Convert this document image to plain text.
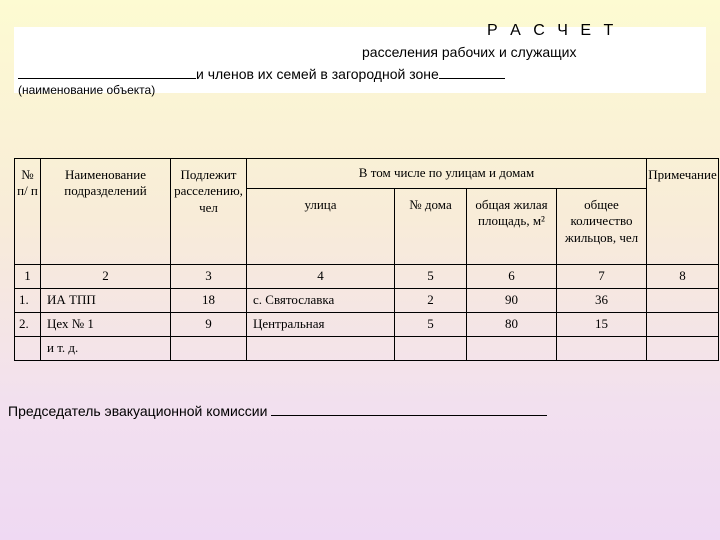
Р А С Ч Е Т
расселения рабочих и служащих
и членов их семей в загородной зоне
(наименование объекта)
№ п/ п	Наименование подразделений	Подлежит расселению, чел	В том числе по улицам и домам				Примечание
			улица	№ дома	общая жилая площадь, м²	общее количество жильцов, чел	
1	2	3	4	5	6	7	8
1.	ИА ТПП	18	с. Святославка	2	90	36	
2.	Цех № 1	9	Центральная	5	80	15	
	и т. д.						
Председатель эвакуационной комиссии
